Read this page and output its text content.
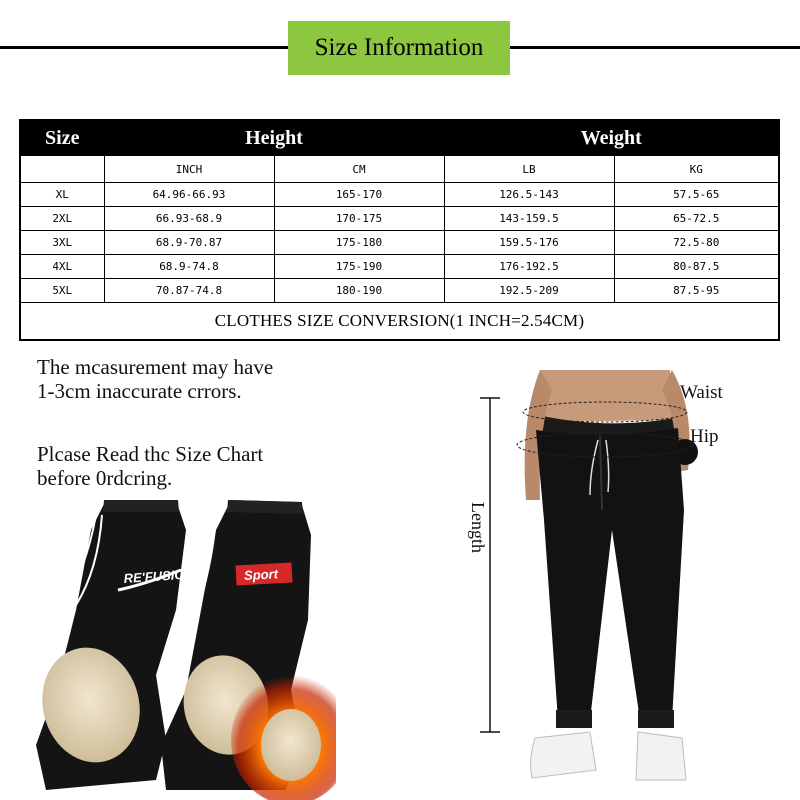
Size Information
Size	Height		Weight	
	INCH	CM	LB	KG
XL	64.96-66.93	165-170	126.5-143	57.5-65
2XL	66.93-68.9	170-175	143-159.5	65-72.5
3XL	68.9-70.87	175-180	159.5-176	72.5-80
4XL	68.9-74.8	175-190	176-192.5	80-87.5
5XL	70.87-74.8	180-190	192.5-209	87.5-95
CLOTHES SIZE CONVERSION(1 INCH=2.54CM)				
The mcasurement may have
1-3cm inaccurate crrors.
Plcase Read thc Size Chart
before 0rdcring.
RE'FUSION	Sport
Waist
Hip
Length
